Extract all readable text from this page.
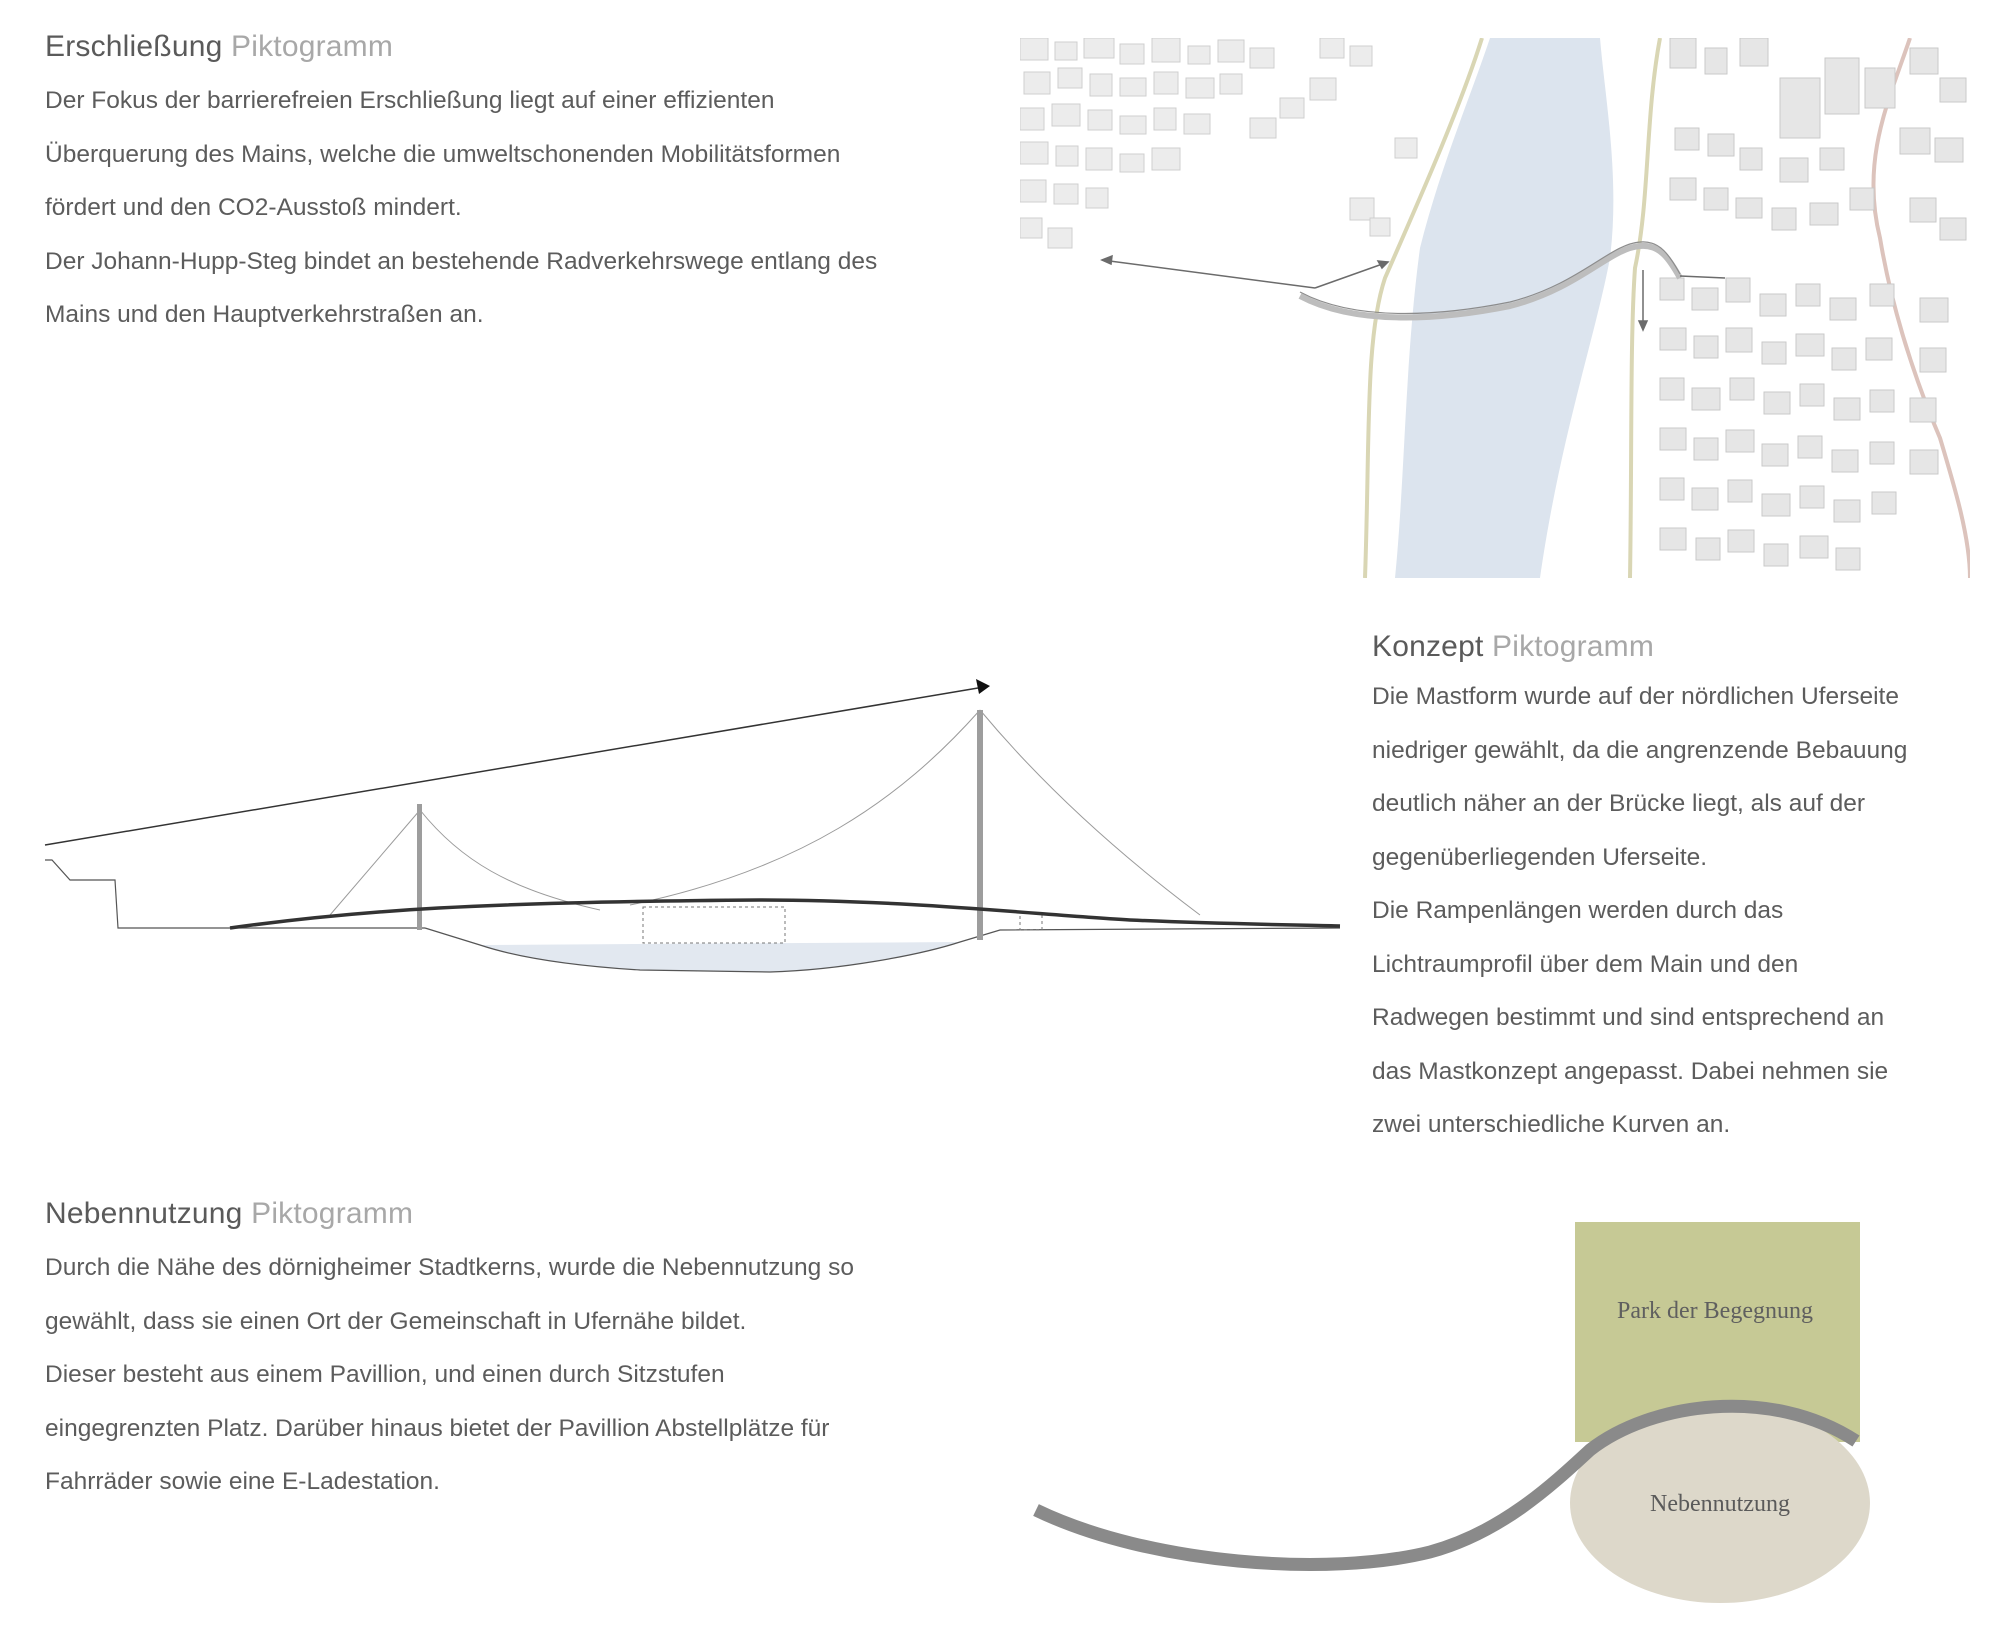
Erschließung Piktogramm

Der Fokus der barrierefreien Erschließung liegt auf einer effizienten
Überquerung des Mains, welche die umweltschonenden Mobilitätsformen
fördert und den CO2-Ausstoß mindert.
Der Johann-Hupp-Steg bindet an bestehende Radverkehrswege entlang des
Mains und den Hauptverkehrstraßen an.

Konzept Piktogramm

Die Mastform wurde auf der nördlichen Uferseite
niedriger gewählt, da die angrenzende Bebauung
deutlich näher an der Brücke liegt, als auf der
gegenüberliegenden Uferseite.
Die Rampenlängen werden durch das
Lichtraumprofil über dem Main und den
Radwegen bestimmt und sind entsprechend an
das Mastkonzept angepasst. Dabei nehmen sie
zwei unterschiedliche Kurven an.

Nebennutzung Piktogramm

Durch die Nähe des dörnigheimer Stadtkerns, wurde die Nebennutzung so
gewählt, dass sie einen Ort der Gemeinschaft in Ufernähe bildet.
Dieser besteht aus einem Pavillion, und einen durch Sitzstufen
eingegrenzten Platz. Darüber hinaus bietet der Pavillion Abstellplätze für
Fahrräder sowie eine E-Ladestation.

Park der Begegnung
Nebennutzung
